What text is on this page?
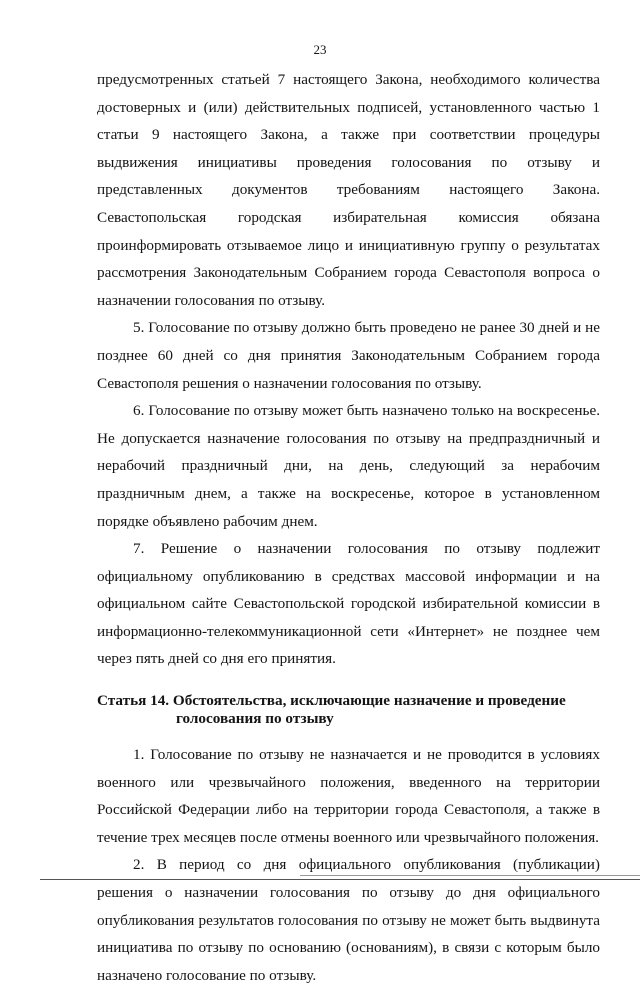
23

предусмотренных статьей 7 настоящего Закона, необходимого количества достоверных и (или) действительных подписей, установленного частью 1 статьи 9 настоящего Закона, а также при соответствии процедуры выдвижения инициативы проведения голосования по отзыву и представленных документов требованиям настоящего Закона. Севастопольская городская избирательная комиссия обязана проинформировать отзываемое лицо и инициативную группу о результатах рассмотрения Законодательным Собранием города Севастополя вопроса о назначении голосования по отзыву.

5. Голосование по отзыву должно быть проведено не ранее 30 дней и не позднее 60 дней со дня принятия Законодательным Собранием города Севастополя решения о назначении голосования по отзыву.

6. Голосование по отзыву может быть назначено только на воскресенье. Не допускается назначение голосования по отзыву на предпраздничный и нерабочий праздничный дни, на день, следующий за нерабочим праздничным днем, а также на воскресенье, которое в установленном порядке объявлено рабочим днем.

7. Решение о назначении голосования по отзыву подлежит официальному опубликованию в средствах массовой информации и на официальном сайте Севастопольской городской избирательной комиссии в информационно-телекоммуникационной сети «Интернет» не позднее чем через пять дней со дня его принятия.

Статья 14. Обстоятельства, исключающие назначение и проведение голосования по отзыву

1. Голосование по отзыву не назначается и не проводится в условиях военного или чрезвычайного положения, введенного на территории Российской Федерации либо на территории города Севастополя, а также в течение трех месяцев после отмены военного или чрезвычайного положения.

2. В период со дня официального опубликования (публикации) решения о назначении голосования по отзыву до дня официального опубликования результатов голосования по отзыву не может быть выдвинута инициатива по отзыву по основанию (основаниям), в связи с которым было назначено голосование по отзыву.
